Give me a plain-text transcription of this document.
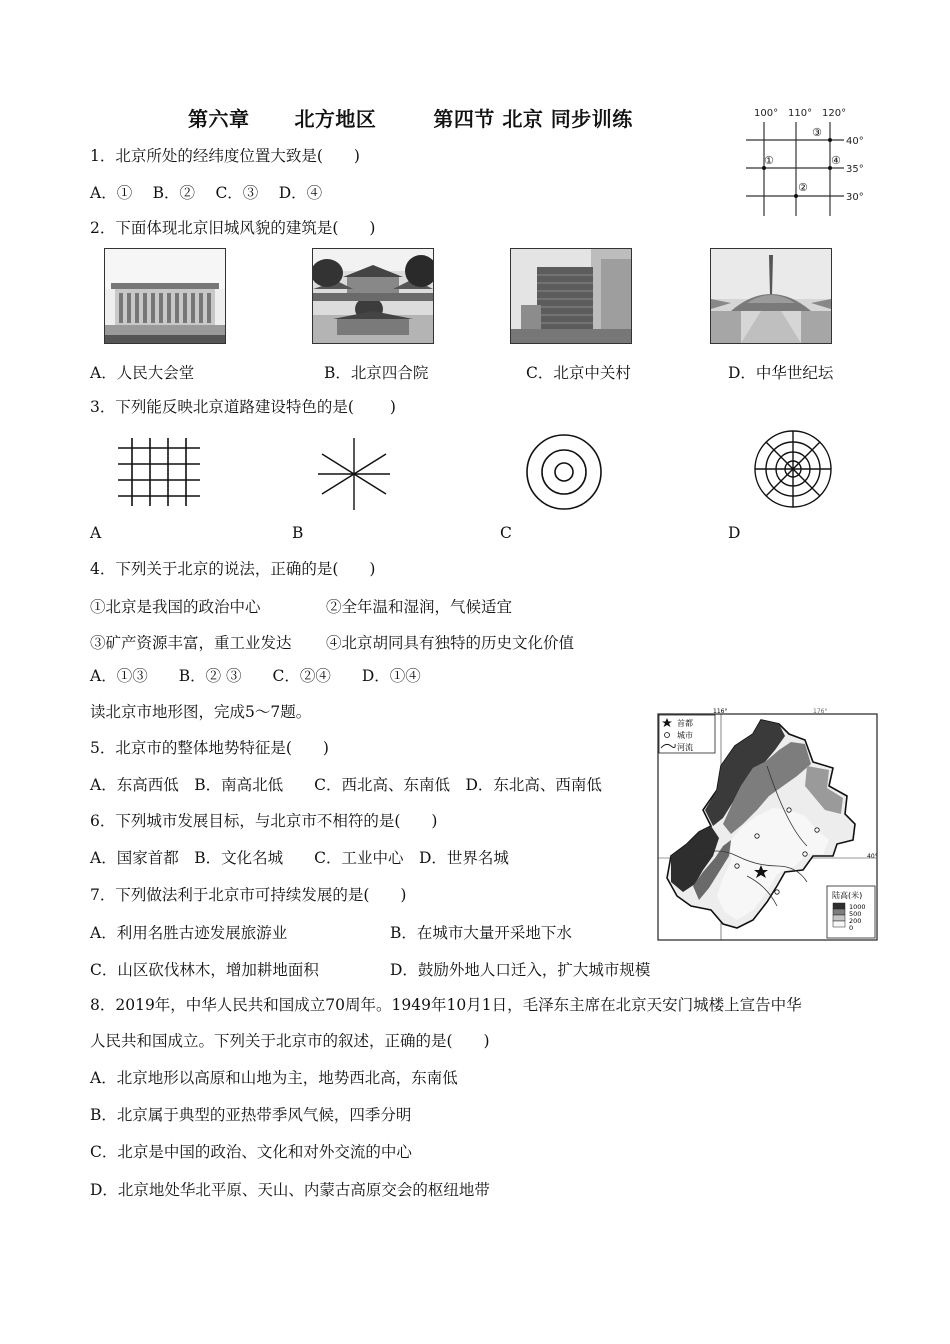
第六章 北方地区	第四节 北京 同步训练	100° 110° 120°
40°
35°
30°
①
②
③
④
1．北京所处的经纬度位置大致是(　　)
A．①　 B．②　 C．③　 D．④
2．下面体现北京旧城风貌的建筑是(　　)
A．人民大会堂	B．北京四合院	C．北京中关村	D．中华世纪坛
3．下列能反映北京道路建设特色的是(　　 )
A	B	C	D
4．下列关于北京的说法，正确的是(　　)
①北京是我国的政治中心	②全年温和湿润，气候适宜
③矿产资源丰富，重工业发达 ④北京胡同具有独特的历史文化价值
A．①③　　B．② ③　　C．②④　　D．①④
读北京市地形图，完成5～7题。
5．北京市的整体地势特征是(　　)
A．东高西低　B．南高北低　　C．西北高、东南低　D．东北高、西南低
6．下列城市发展目标，与北京市不相符的是(　　)
A．国家首都　B．文化名城　　C．工业中心　D．世界名城
7．下列做法利于北京市可持续发展的是(　　)
A．利用名胜古迹发展旅游业	B．在城市大量开采地下水
C．山区砍伐林木，增加耕地面积	D．鼓励外地人口迁入，扩大城市规模
8．2019年，中华人民共和国成立70周年。1949年10月1日，毛泽东主席在北京天安门城楼上宣告中华
人民共和国成立。下列关于北京市的叙述，正确的是(　　)
A．北京地形以高原和山地为主，地势西北高，东南低
B．北京属于典型的亚热带季风气候，四季分明
C．北京是中国的政治、文化和对外交流的中心
D．北京地处华北平原、天山、内蒙古高原交会的枢纽地带
116°	176°
40°
首都
城市
河流
陆高(米)
1000
500
200
0
